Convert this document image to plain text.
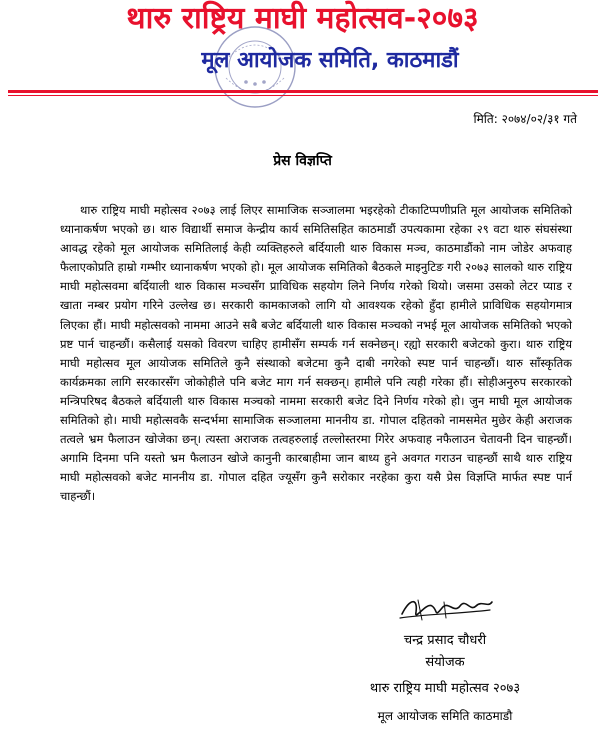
थारु राष्ट्रिय माघी महोत्सव-२०७३
मूल आयोजक समिति, काठमाडौं
मिति: २०७४/०२/३१ गते
प्रेस विज्ञप्ति

थारु राष्ट्रिय माघी महोत्सव २०७३ लाई लिएर सामाजिक सञ्जालमा भइरहेको टीकाटिप्पणीप्रति मूल आयोजक समितिको ध्यानाकर्षण भएको छ। थारु विद्यार्थी समाज केन्द्रीय कार्य समितिसहित काठमाडौं उपत्यकामा रहेका २९ वटा थारु संघसंस्था आवद्ध रहेको मूल आयोजक समितिलाई केही व्यक्तिहरुले बर्दियाली थारु विकास मञ्च, काठमाडौंको नाम जोडेर अफवाह फैलाएकोप्रति हाम्रो गम्भीर ध्यानाकर्षण भएको हो। मूल आयोजक समितिको बैठकले माइनुटिङ गरी २०७३ सालको थारु राष्ट्रिय माघी महोत्सवमा बर्दियाली थारु विकास मञ्चसँग प्राविधिक सहयोग लिने निर्णय गरेको थियो। जसमा उसको लेटर प्याड र खाता नम्बर प्रयोग गरिने उल्लेख छ। सरकारी कामकाजको लागि यो आवश्यक रहेको हुँदा हामीले प्राविधिक सहयोगमात्र लिएका हौं। माघी महोत्सवको नाममा आउने सबै बजेट बर्दियाली थारु विकास मञ्चको नभई मूल आयोजक समितिको भएको प्रष्ट पार्न चाहन्छौं। कसैलाई यसको विवरण चाहिए हामीसँग सम्पर्क गर्न सक्नेछन्। रह्यो सरकारी बजेटको कुरा। थारु राष्ट्रिय माघी महोत्सव मूल आयोजक समितिले कुनै संस्थाको बजेटमा कुनै दाबी नगरेको स्पष्ट पार्न चाहन्छौं। थारु साँस्कृतिक कार्यक्रमका लागि सरकारसँग जोकोहीले पनि बजेट माग गर्न सक्छन्। हामीले पनि त्यही गरेका हौं। सोहीअनुरुप सरकारको मन्त्रिपरिषद बैठकले बर्दियाली थारु विकास मञ्चको नाममा सरकारी बजेट दिने निर्णय गरेको हो। जुन माघी मूल आयोजक समितिको हो। माघी महोत्सवकै सन्दर्भमा सामाजिक सञ्जालमा माननीय डा. गोपाल दहितको नामसमेत मुछेर केही अराजक तत्वले भ्रम फैलाउन खोजेका छन्। त्यस्ता अराजक तत्वहरुलाई तल्लोस्तरमा गिरेर अफवाह नफैलाउन चेतावनी दिन चाहन्छौं। अगामि दिनमा पनि यस्तो भ्रम फैलाउन खोजे कानुनी कारबाहीमा जान बाध्य हुने अवगत गराउन चाहन्छौं साथै थारु राष्ट्रिय माघी महोत्सवको बजेट माननीय डा. गोपाल दहित ज्यूसँग कुनै सरोकार नरहेका कुरा यसै प्रेस विज्ञप्ति मार्फत स्पष्ट पार्न चाहन्छौं।

चन्द्र प्रसाद चौधरी
संयोजक
थारु राष्ट्रिय माघी महोत्सव २०७३
मूल आयोजक समिति काठमाडौ
